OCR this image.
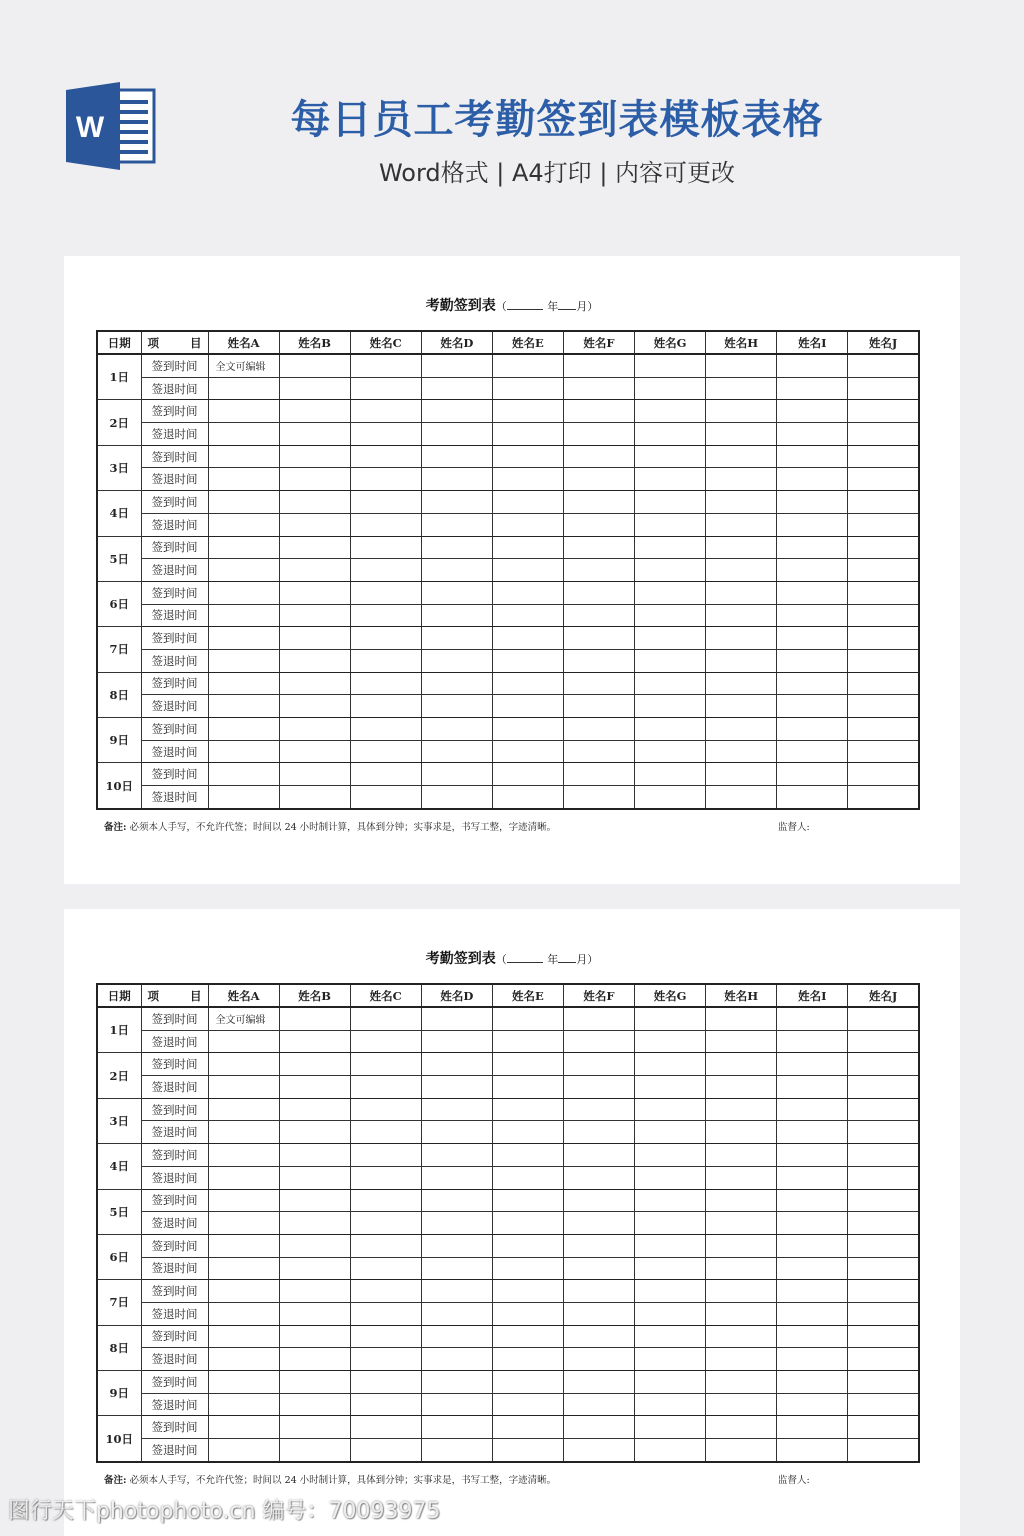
W	每日员工考勤签到表模板表格

Word格式 | A4打印 | 内容可更改

考勤签到表（	年 月）
日期	项　　目	姓名A	姓名B	姓名C	姓名D	姓名E	姓名F	姓名G	姓名H	姓名I	姓名J
1日	签到时间	全文可编辑									
	签退时间										
2日	签到时间										
	签退时间										
3日	签到时间										
	签退时间										
4日	签到时间										
	签退时间										
5日	签到时间										
	签退时间										
6日	签到时间										
	签退时间										
7日	签到时间										
	签退时间										
8日	签到时间										
	签退时间										
9日	签到时间										
	签退时间										
10日	签到时间										
	签退时间										
备注: 必须本人手写，不允许代签；时间以 24 小时制计算，具体到分钟；实事求是，书写工整，字迹清晰。	监督人:
考勤签到表（	年 月）
日期	项　　目	姓名A	姓名B	姓名C	姓名D	姓名E	姓名F	姓名G	姓名H	姓名I	姓名J
1日	签到时间	全文可编辑									
	签退时间										
2日	签到时间										
	签退时间										
3日	签到时间										
	签退时间										
4日	签到时间										
	签退时间										
5日	签到时间										
	签退时间										
6日	签到时间										
	签退时间										
7日	签到时间										
	签退时间										
8日	签到时间										
	签退时间										
9日	签到时间										
	签退时间										
10日	签到时间										
	签退时间										
备注: 必须本人手写，不允许代签；时间以 24 小时制计算，具体到分钟；实事求是，书写工整，字迹清晰。	监督人:
图行天下photophoto.cn 编号：70093975
